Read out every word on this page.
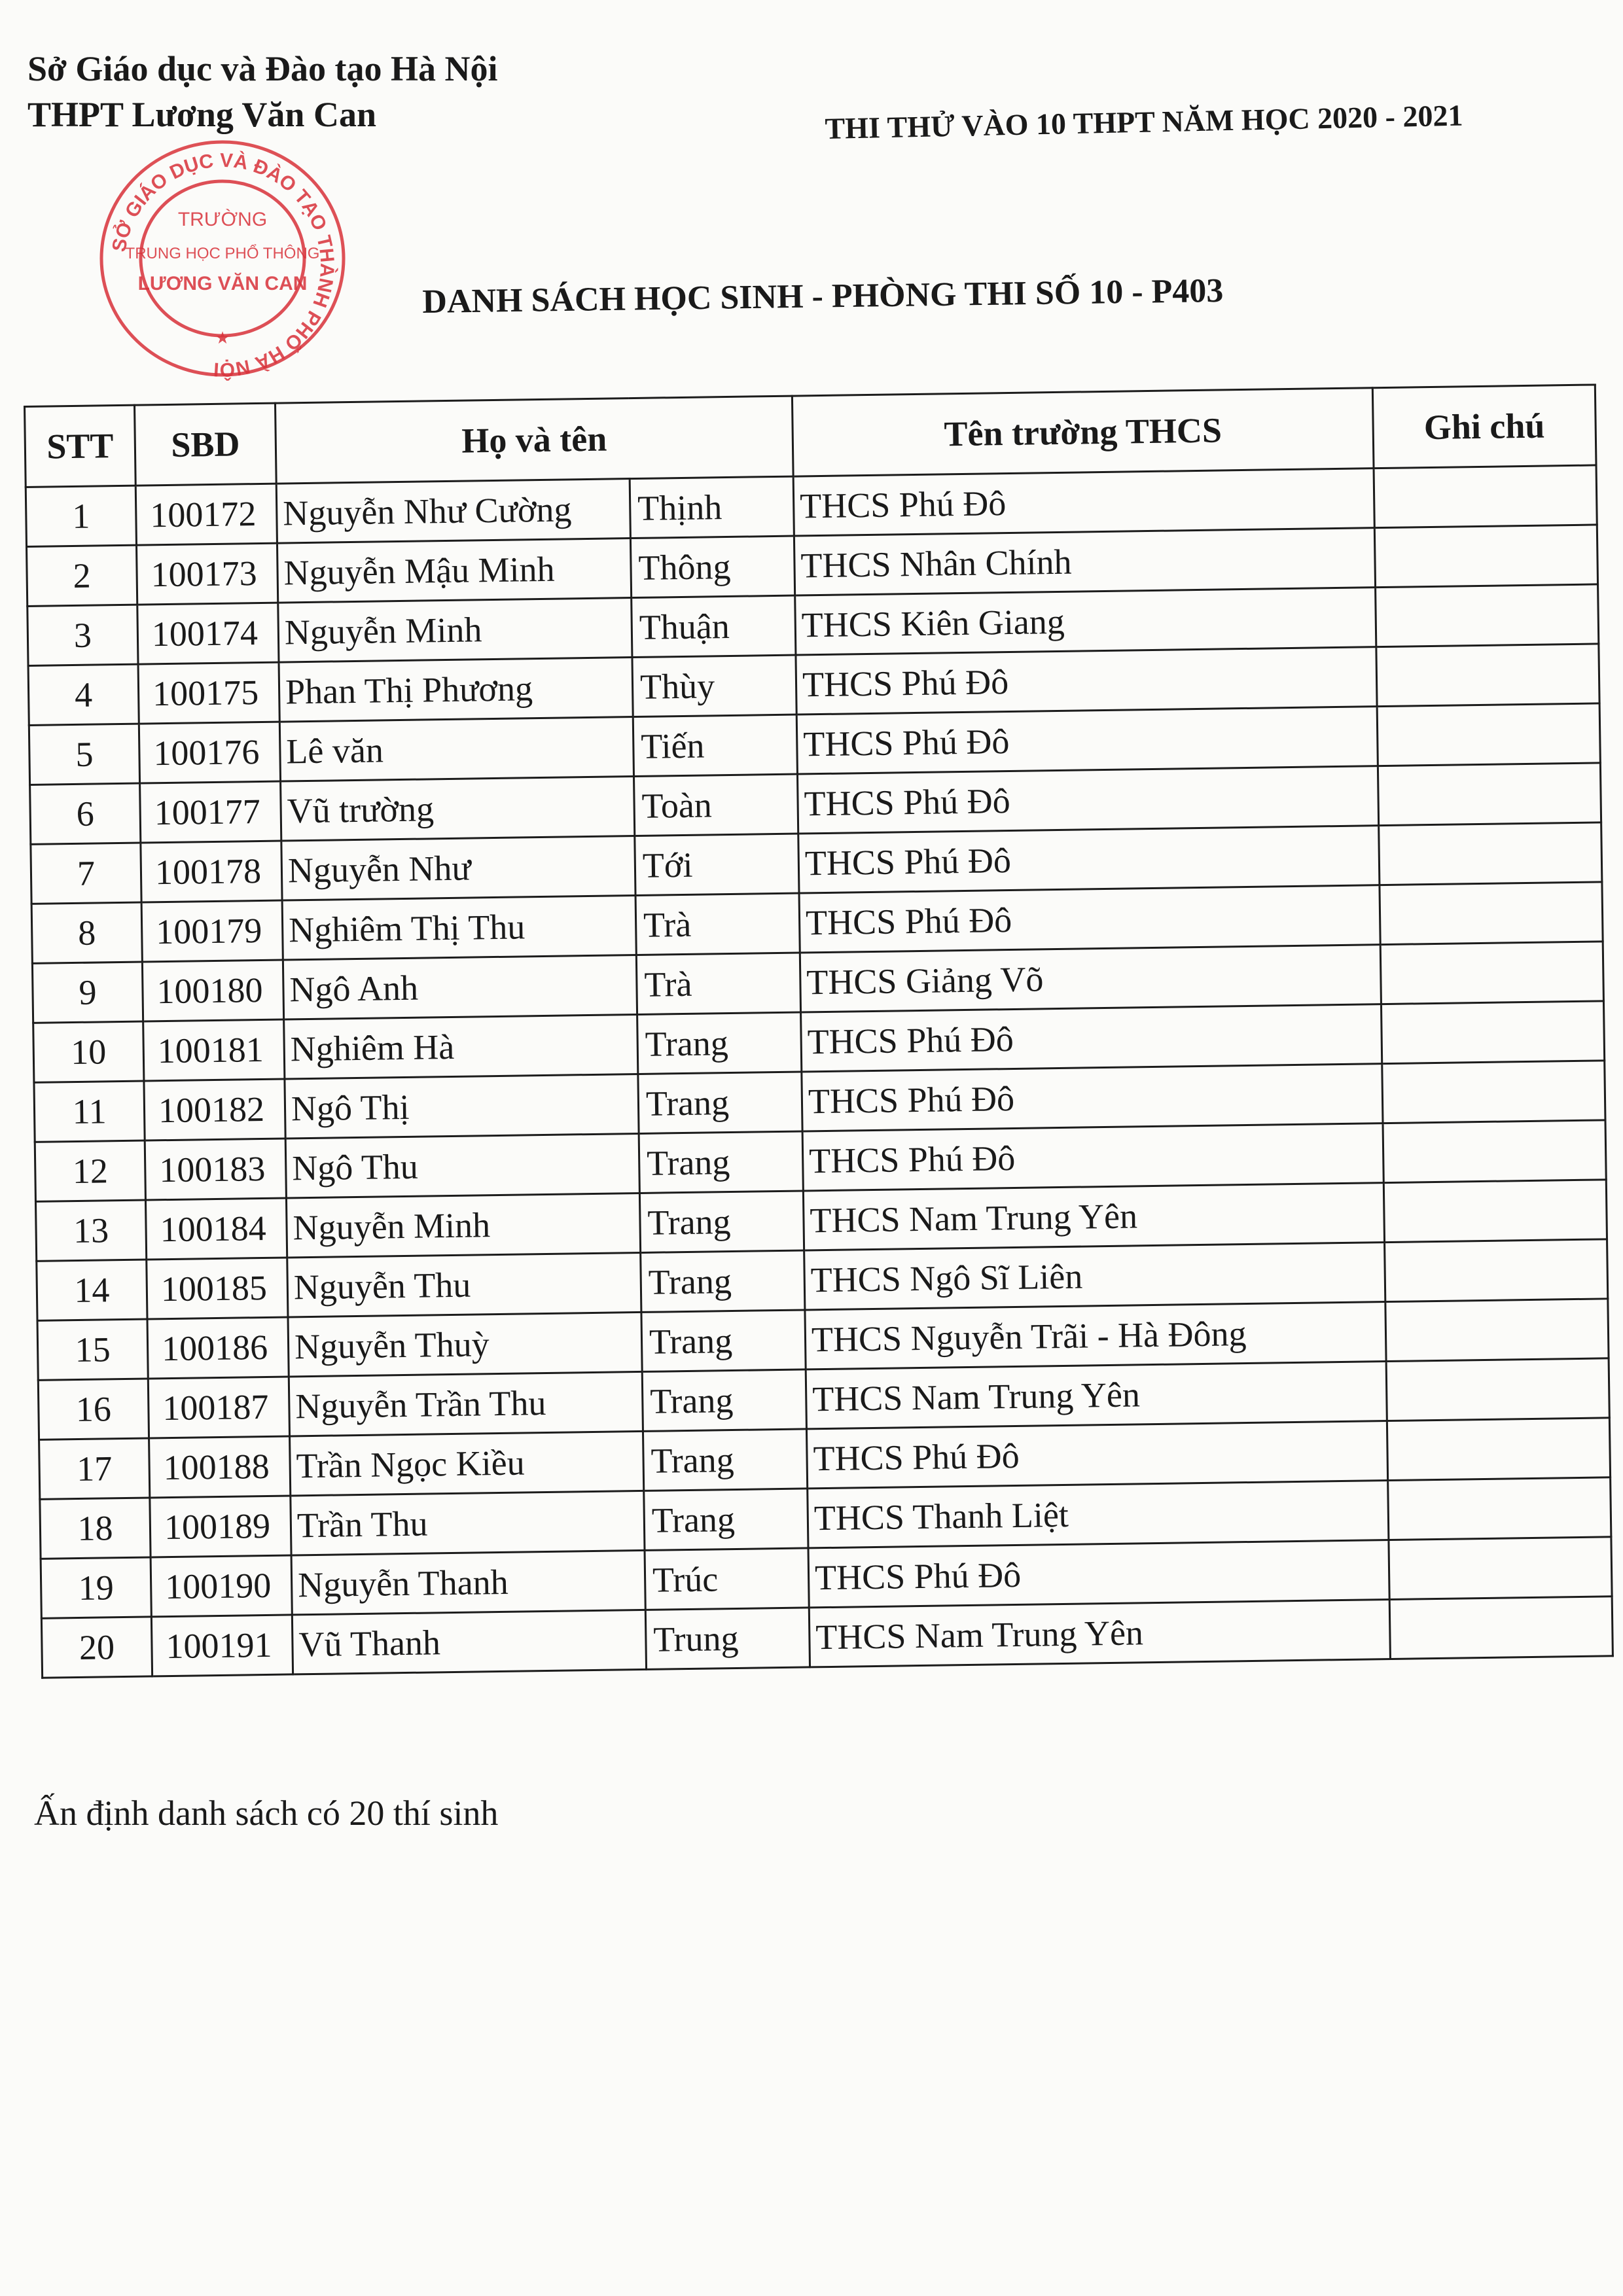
Sở Giáo dục và Đào tạo Hà Nội
THPT Lương Văn Can
SỞ GIÁO DỤC VÀ ĐÀO TẠO THÀNH PHỐ HÀ NỘI
TRƯỜNG
TRUNG HỌC PHỔ THÔNG
LƯƠNG VĂN CAN
★
THI THỬ VÀO 10 THPT NĂM HỌC 2020 - 2021
DANH SÁCH HỌC SINH - PHÒNG THI SỐ 10 - P403
STT	SBD	Họ và tên		Tên trường THCS	Ghi chú
1	100172	Nguyễn Như Cường	Thịnh	THCS Phú Đô	
2	100173	Nguyễn Mậu Minh	Thông	THCS Nhân Chính	
3	100174	Nguyễn Minh	Thuận	THCS Kiên Giang	
4	100175	Phan Thị Phương	Thùy	THCS Phú Đô	
5	100176	Lê văn	Tiến	THCS Phú Đô	
6	100177	Vũ trường	Toàn	THCS Phú Đô	
7	100178	Nguyễn Như	Tới	THCS Phú Đô	
8	100179	Nghiêm Thị Thu	Trà	THCS Phú Đô	
9	100180	Ngô Anh	Trà	THCS Giảng Võ	
10	100181	Nghiêm Hà	Trang	THCS Phú Đô	
11	100182	Ngô Thị	Trang	THCS Phú Đô	
12	100183	Ngô Thu	Trang	THCS Phú Đô	
13	100184	Nguyễn Minh	Trang	THCS Nam Trung Yên	
14	100185	Nguyễn Thu	Trang	THCS Ngô Sĩ Liên	
15	100186	Nguyễn Thuỳ	Trang	THCS Nguyễn Trãi - Hà Đông	
16	100187	Nguyễn Trần Thu	Trang	THCS Nam Trung Yên	
17	100188	Trần Ngọc Kiều	Trang	THCS Phú Đô	
18	100189	Trần Thu	Trang	THCS Thanh Liệt	
19	100190	Nguyễn Thanh	Trúc	THCS Phú Đô	
20	100191	Vũ Thanh	Trung	THCS Nam Trung Yên	
Ấn định danh sách có 20 thí sinh
